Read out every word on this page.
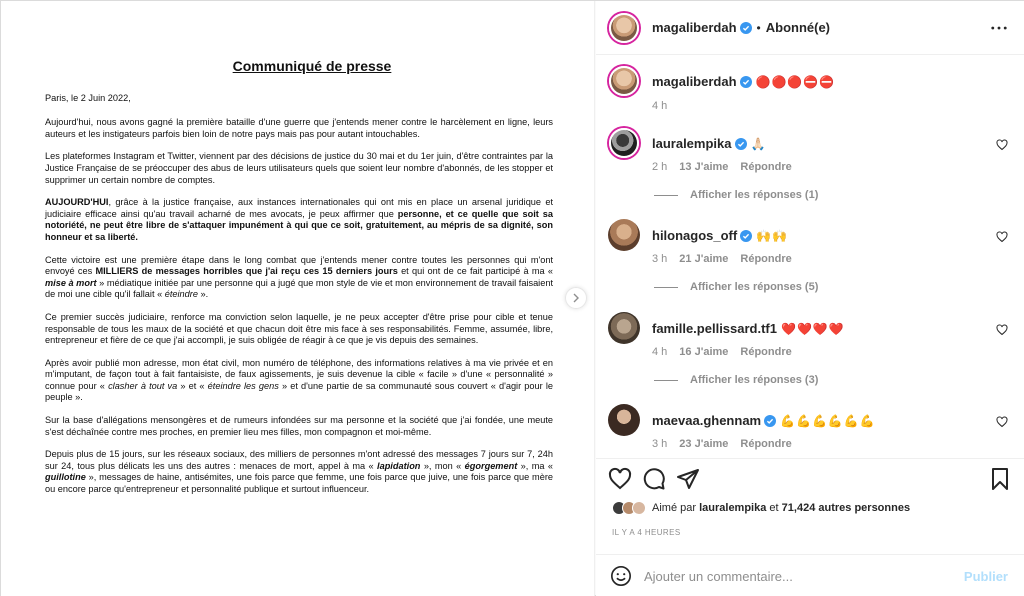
Communiqué de presse
Paris, le 2 Juin 2022,
Aujourd'hui, nous avons gagné la première bataille d'une guerre que j'entends mener contre le harcèlement en ligne, leurs auteurs et les instigateurs parfois bien loin de notre pays mais pas pour autant intouchables.
Les plateformes Instagram et Twitter, viennent par des décisions de justice du 30 mai et du 1er juin, d'être contraintes par la Justice Française de se préoccuper des abus de leurs utilisateurs quels que soient leur nombre d'abonnés, de les stopper et supprimer un certain nombre de comptes.
AUJOURD'HUI, grâce à la justice française, aux instances internationales qui ont mis en place un arsenal juridique et judiciaire efficace ainsi qu'au travail acharné de mes avocats, je peux affirmer que personne, et ce quelle que soit sa notoriété, ne peut être libre de s'attaquer impunément à qui que ce soit, gratuitement, au mépris de sa dignité, son honneur et sa liberté.
Cette victoire est une première étape dans le long combat que j'entends mener contre toutes les personnes qui m'ont envoyé ces MILLIERS de messages horribles que j'ai reçu ces 15 derniers jours et qui ont de ce fait participé à ma « mise à mort » médiatique initiée par une personne qui a jugé que mon style de vie et mon environnement de travail faisaient de moi une cible qu'il fallait « éteindre ».
Ce premier succès judiciaire, renforce ma conviction selon laquelle, je ne peux accepter d'être prise pour cible et tenue responsable de tous les maux de la société et que chacun doit être mis face à ses responsabilités. Femme, assumée, libre, entrepreneur et fière de ce que j'ai accompli, je suis obligée de réagir à ce que je vis depuis des semaines.
Après avoir publié mon adresse, mon état civil, mon numéro de téléphone, des informations relatives à ma vie privée et en m'imputant, de façon tout à fait fantaisiste, de faux agissements, je suis devenue la cible « facile » d'une « personnalité » connue pour « clasher à tout va » et « éteindre les gens » et d'une partie de sa communauté sous couvert « d'agir pour le peuple ».
Sur la base d'allégations mensongères et de rumeurs infondées sur ma personne et la société que j'ai fondée, une meute s'est déchaînée contre mes proches, en premier lieu mes filles, mon compagnon et moi-même.
Depuis plus de 15 jours, sur les réseaux sociaux, des milliers de personnes m'ont adressé des messages 7 jours sur 7, 24h sur 24, tous plus délicats les uns des autres : menaces de mort, appel à ma « lapidation », mon « égorgement », ma « guillotine », messages de haine, antisémites, une fois parce que femme, une fois parce que juive, une fois parce que mère ou encore parce qu'entrepreneur et personnalité publique et surtout influenceur.
magaliberdah • Abonné(e)
magaliberdah 🔴🔴🔴⛔⛔
4 h
lauralempika 🙏🏻
2 h 13 J'aime Répondre
Afficher les réponses (1)
hilonagos_off 🙌🙌
3 h 21 J'aime Répondre
Afficher les réponses (5)
famille.pellissard.tf1 ❤️❤️❤️❤️
4 h 16 J'aime Répondre
Afficher les réponses (3)
maevaa.ghennam 💪💪💪💪💪💪
3 h 23 J'aime Répondre
Aimé par lauralempika et 71,424 autres personnes
IL Y A 4 HEURES
Ajouter un commentaire...
Publier
